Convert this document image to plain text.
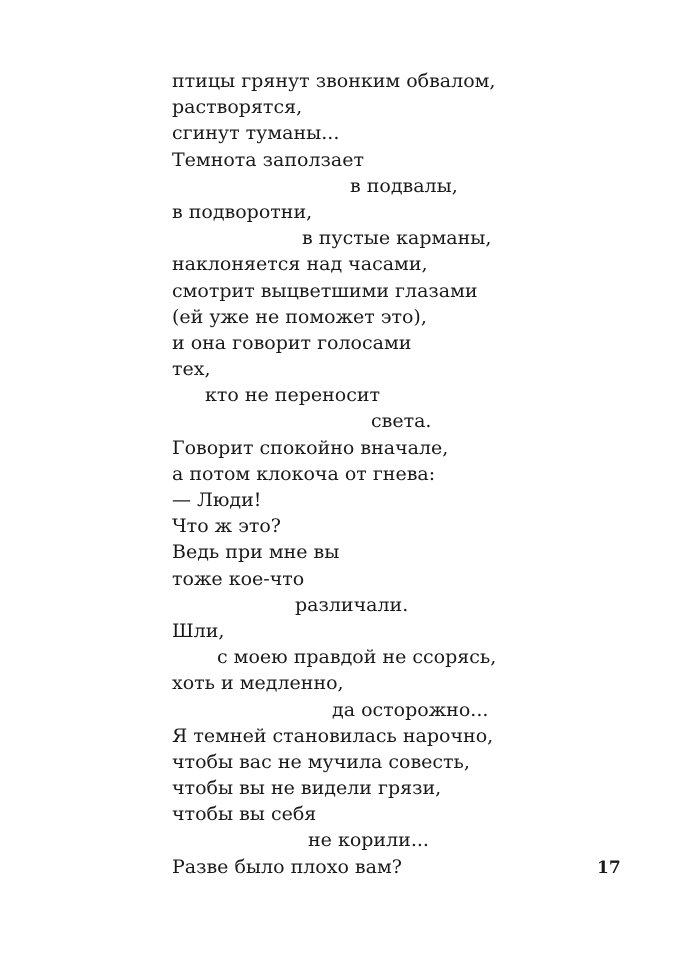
птицы грянут звонким обвалом,
растворятся,
сгинут туманы...
Темнота заползает
в подвалы,
в подворотни,
в пустые карманы,
наклоняется над часами,
смотрит выцветшими глазами
(ей уже не поможет это),
и она говорит голосами
тех,
кто не переносит
света.
Говорит спокойно вначале,
а потом клокоча от гнева:
— Люди!
Что ж это?
Ведь при мне вы
тоже кое-что
различали.
Шли,
с моею правдой не ссорясь,
хоть и медленно,
да осторожно...
Я темней становилась нарочно,
чтобы вас не мучила совесть,
чтобы вы не видели грязи,
чтобы вы себя
не корили...
Разве было плохо вам?	17
